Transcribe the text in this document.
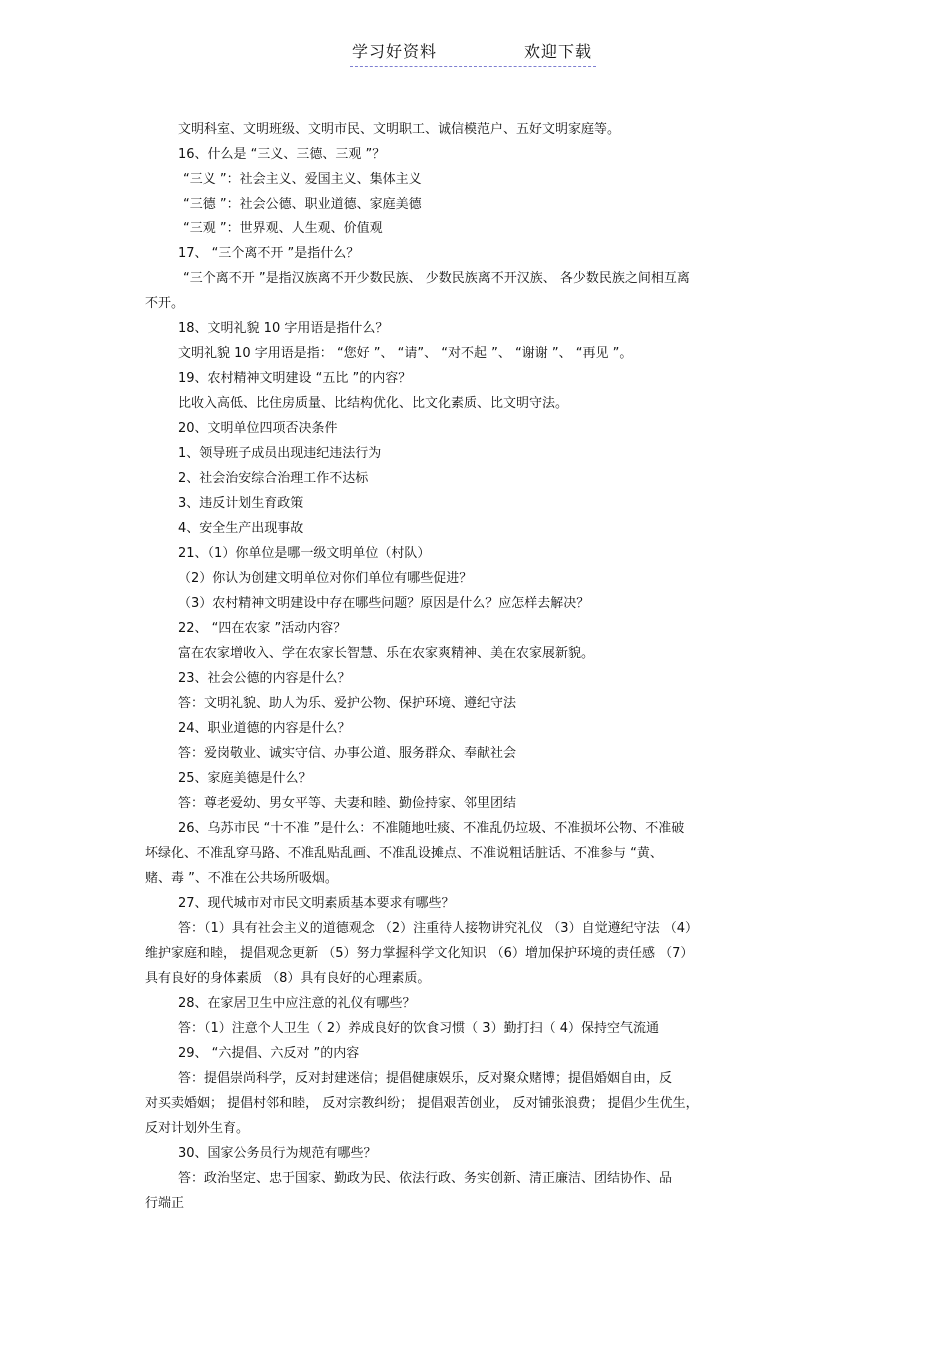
学习好资料	欢迎下载
文明科室、文明班级、文明市民、文明职工、诚信模范户、五好文明家庭等。
16、什么是 “三义、三德、三观 ”？
“三义 ”：社会主义、爱国主义、集体主义
“三德 ”：社会公德、职业道德、家庭美德
“三观 ”：世界观、人生观、价值观
17、 “三个离不开 ”是指什么？
“三个离不开 ”是指汉族离不开少数民族、 少数民族离不开汉族、 各少数民族之间相互离
不开。
18、文明礼貌 10 字用语是指什么？
文明礼貌 10 字用语是指： “您好 ”、 “请”、 “对不起 ”、 “谢谢 ”、 “再见 ”。
19、农村精神文明建设 “五比 ”的内容？
比收入高低、比住房质量、比结构优化、比文化素质、比文明守法。
20、文明单位四项否决条件
1、领导班子成员出现违纪违法行为
2、社会治安综合治理工作不达标
3、违反计划生育政策
4、安全生产出现事故
21、（1）你单位是哪一级文明单位（村队）
（2）你认为创建文明单位对你们单位有哪些促进？
（3）农村精神文明建设中存在哪些问题？原因是什么？应怎样去解决？
22、 “四在农家 ”活动内容？
富在农家增收入、学在农家长智慧、乐在农家爽精神、美在农家展新貌。
23、社会公德的内容是什么？
答：文明礼貌、助人为乐、爱护公物、保护环境、遵纪守法
24、职业道德的内容是什么？
答：爱岗敬业、诚实守信、办事公道、服务群众、奉献社会
25、家庭美德是什么？
答：尊老爱幼、男女平等、夫妻和睦、勤俭持家、邻里团结
26、乌苏市民 “十不准 ”是什么：不准随地吐痰、不准乱仍垃圾、不准损坏公物、不准破
坏绿化、不准乱穿马路、不准乱贴乱画、不准乱设摊点、不准说粗话脏话、不准参与 “黄、
赌、毒 ”、不准在公共场所吸烟。
27、现代城市对市民文明素质基本要求有哪些？
答：（1）具有社会主义的道德观念 （2）注重待人接物讲究礼仪 （3）自觉遵纪守法 （4）
维护家庭和睦， 提倡观念更新 （5）努力掌握科学文化知识 （6）增加保护环境的责任感 （7）
具有良好的身体素质 （8）具有良好的心理素质。
28、在家居卫生中应注意的礼仪有哪些？
答：（1）注意个人卫生（ 2）养成良好的饮食习惯（ 3）勤打扫（ 4）保持空气流通
29、 “六提倡、六反对 ”的内容
答：提倡崇尚科学，反对封建迷信；提倡健康娱乐，反对聚众赌博；提倡婚姻自由，反
对买卖婚姻； 提倡村邻和睦， 反对宗教纠纷； 提倡艰苦创业， 反对铺张浪费； 提倡少生优生，
反对计划外生育。
30、国家公务员行为规范有哪些？
答：政治坚定、忠于国家、勤政为民、依法行政、务实创新、清正廉洁、团结协作、品
行端正
